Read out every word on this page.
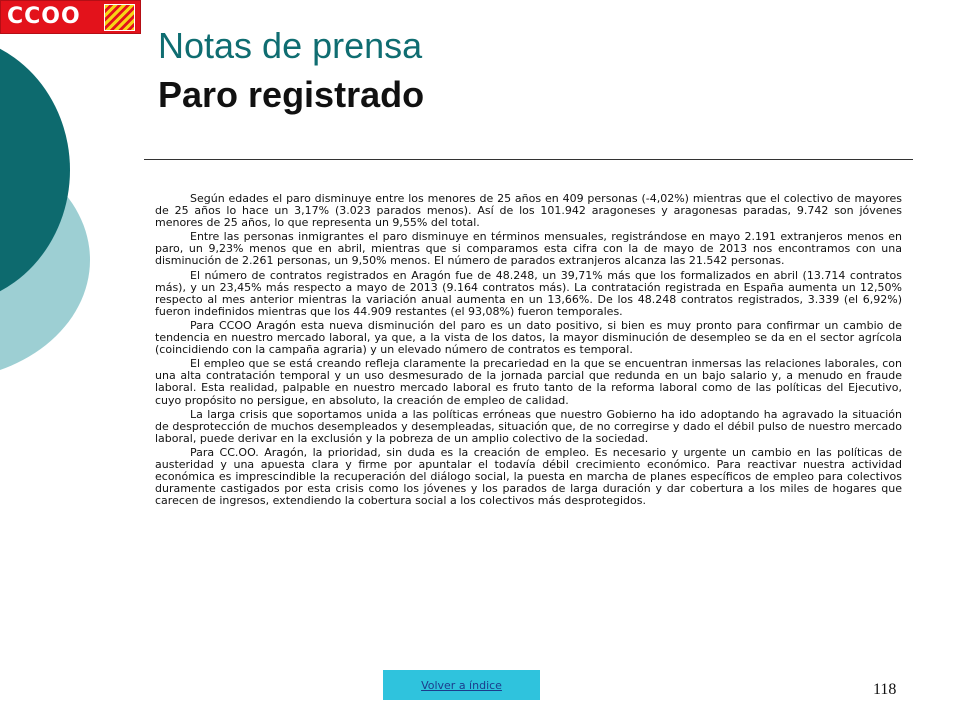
CCOO
Notas de prensa
Paro registrado

Según edades el paro disminuye entre los menores de 25 años en 409 personas (-4,02%) mientras que el colectivo de mayores de 25 años lo hace un 3,17% (3.023 parados menos). Así de los 101.942 aragoneses y aragonesas paradas, 9.742 son jóvenes menores de 25 años, lo que representa un 9,55% del total.

Entre las personas inmigrantes el paro disminuye en términos mensuales, registrándose en mayo 2.191 extranjeros menos en paro, un 9,23% menos que en abril, mientras que si comparamos esta cifra con la de mayo de 2013 nos encontramos con una disminución de 2.261 personas, un 9,50% menos. El número de parados extranjeros alcanza las 21.542 personas.

El número de contratos registrados en Aragón fue de 48.248, un 39,71% más que los formalizados en abril (13.714 contratos más), y un 23,45% más respecto a mayo de 2013 (9.164 contratos más). La contratación registrada en España aumenta un 12,50% respecto al mes anterior mientras la variación anual aumenta en un 13,66%. De los 48.248 contratos registrados, 3.339 (el 6,92%) fueron indefinidos mientras que los 44.909 restantes (el 93,08%) fueron temporales.

Para CCOO Aragón esta nueva disminución del paro es un dato positivo, si bien es muy pronto para confirmar un cambio de tendencia en nuestro mercado laboral, ya que, a la vista de los datos, la mayor disminución de desempleo se da en el sector agrícola (coincidiendo con la campaña agraria) y un elevado número de contratos es temporal.

El empleo que se está creando refleja claramente la precariedad en la que se encuentran inmersas las relaciones laborales, con una alta contratación temporal y un uso desmesurado de la jornada parcial que redunda en un bajo salario y, a menudo en fraude laboral. Esta realidad, palpable en nuestro mercado laboral es fruto tanto de la reforma laboral como de las políticas del Ejecutivo, cuyo propósito no persigue, en absoluto, la creación de empleo de calidad.

La larga crisis que soportamos unida a las políticas erróneas que nuestro Gobierno ha ido adoptando ha agravado la situación de desprotección de muchos desempleados y desempleadas, situación que, de no corregirse y dado el débil pulso de nuestro mercado laboral, puede derivar en la exclusión y la pobreza de un amplio colectivo de la sociedad.

Para CC.OO. Aragón, la prioridad, sin duda es la creación de empleo. Es necesario y urgente un cambio en las políticas de austeridad y una apuesta clara y firme por apuntalar el todavía débil crecimiento económico. Para reactivar nuestra actividad económica es imprescindible la recuperación del diálogo social, la puesta en marcha de planes específicos de empleo para colectivos duramente castigados por esta crisis como los jóvenes y los parados de larga duración y dar cobertura a los miles de hogares que carecen de ingresos, extendiendo la cobertura social a los colectivos más desprotegidos.

Volver a índice	118
